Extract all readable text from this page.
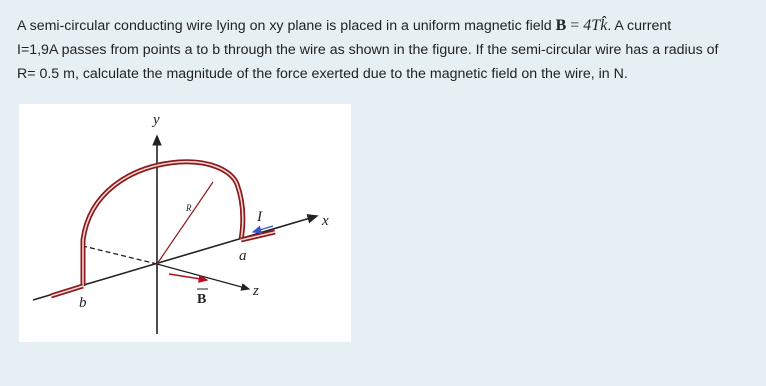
A semi-circular conducting wire lying on xy plane is placed in a uniform magnetic field B = 4Tk̂. A current
I=1,9A passes from points a to b through the wire as shown in the figure. If the semi-circular wire has a radius of
R= 0.5 m, calculate the magnitude of the force exerted due to the magnetic field on the wire, in N.
y
x
z
a
b
R
I
B
